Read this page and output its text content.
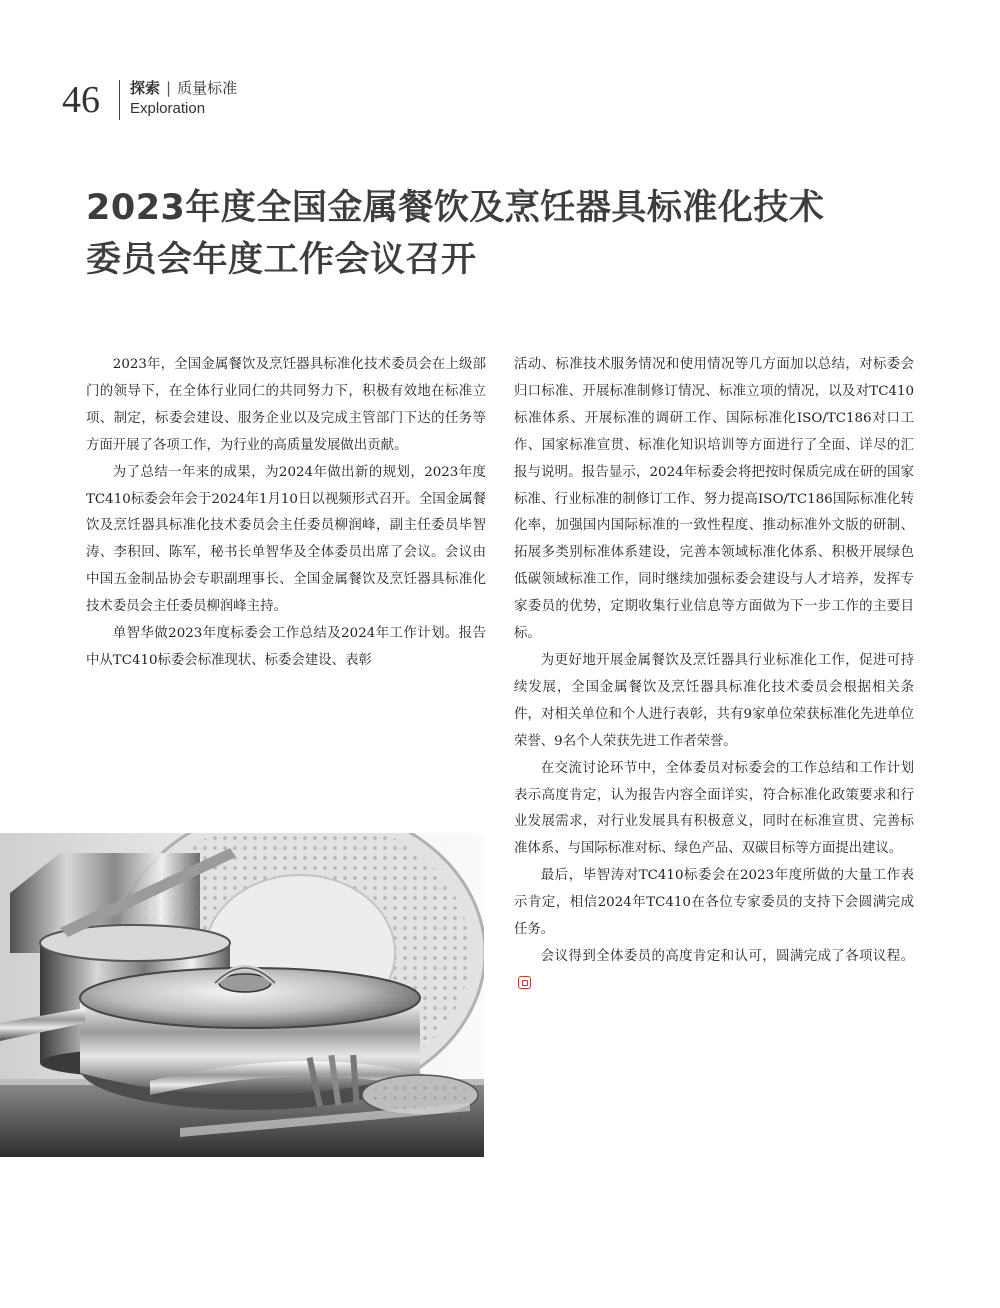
46 探索 | 质量标准
Exploration
2023年度全国金属餐饮及烹饪器具标准化技术
委员会年度工作会议召开

2023年，全国金属餐饮及烹饪器具标准化技术委员会在上级部门的领导下，在全体行业同仁的共同努力下，积极有效地在标准立项、制定，标委会建设、服务企业以及完成主管部门下达的任务等方面开展了各项工作，为行业的高质量发展做出贡献。

为了总结一年来的成果，为2024年做出新的规划，2023年度TC410标委会年会于2024年1月10日以视频形式召开。全国金属餐饮及烹饪器具标准化技术委员会主任委员柳润峰，副主任委员毕智涛、李积回、陈军，秘书长单智华及全体委员出席了会议。会议由中国五金制品协会专职副理事长、全国金属餐饮及烹饪器具标准化技术委员会主任委员柳润峰主持。

单智华做2023年度标委会工作总结及2024年工作计划。报告中从TC410标委会标准现状、标委会建设、表彰

活动、标准技术服务情况和使用情况等几方面加以总结，对标委会归口标准、开展标准制修订情况、标准立项的情况，以及对TC410标准体系、开展标准的调研工作、国际标准化ISO/TC186对口工作、国家标准宣贯、标准化知识培训等方面进行了全面、详尽的汇报与说明。报告显示，2024年标委会将把按时保质完成在研的国家标准、行业标准的制修订工作、努力提高ISO/TC186国际标准化转化率，加强国内国际标准的一致性程度、推动标准外文版的研制、拓展多类别标准体系建设，完善本领域标准化体系、积极开展绿色低碳领域标准工作，同时继续加强标委会建设与人才培养，发挥专家委员的优势，定期收集行业信息等方面做为下一步工作的主要目标。

为更好地开展金属餐饮及烹饪器具行业标准化工作，促进可持续发展，全国金属餐饮及烹饪器具标准化技术委员会根据相关条件，对相关单位和个人进行表彰，共有9家单位荣获标准化先进单位荣誉、9名个人荣获先进工作者荣誉。

在交流讨论环节中，全体委员对标委会的工作总结和工作计划表示高度肯定，认为报告内容全面详实，符合标准化政策要求和行业发展需求，对行业发展具有积极意义，同时在标准宣贯、完善标准体系、与国际标准对标、绿色产品、双碳目标等方面提出建议。

最后，毕智涛对TC410标委会在2023年度所做的大量工作表示肯定，相信2024年TC410在各位专家委员的支持下会圆满完成任务。

会议得到全体委员的高度肯定和认可，圆满完成了各项议程。
